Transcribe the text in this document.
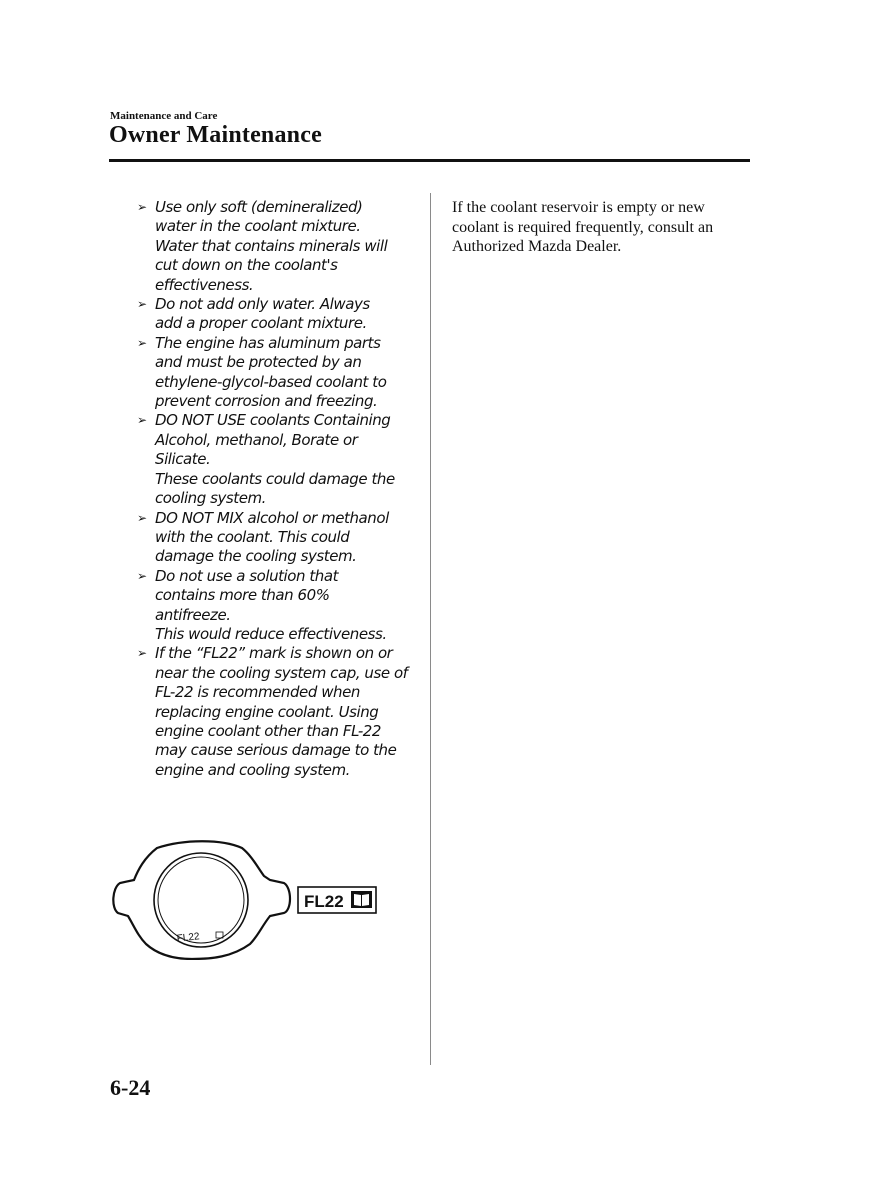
Maintenance and Care
Owner Maintenance
➢ Use only soft (demineralized)
water in the coolant mixture.
Water that contains minerals will
cut down on the coolant's
effectiveness.
➢ Do not add only water. Always
add a proper coolant mixture.
➢ The engine has aluminum parts
and must be protected by an
ethylene-glycol-based coolant to
prevent corrosion and freezing.
➢ DO NOT USE coolants Containing
Alcohol, methanol, Borate or
Silicate.
These coolants could damage the
cooling system.
➢ DO NOT MIX alcohol or methanol
with the coolant. This could
damage the cooling system.
➢ Do not use a solution that
contains more than 60%
antifreeze.
This would reduce effectiveness.
➢ If the “FL22” mark is shown on or
near the cooling system cap, use of
FL-22 is recommended when
replacing engine coolant. Using
engine coolant other than FL-22
may cause serious damage to the
engine and cooling system.
If the coolant reservoir is empty or new
coolant is required frequently, consult an
Authorized Mazda Dealer.
FL22
FL22
6-24
